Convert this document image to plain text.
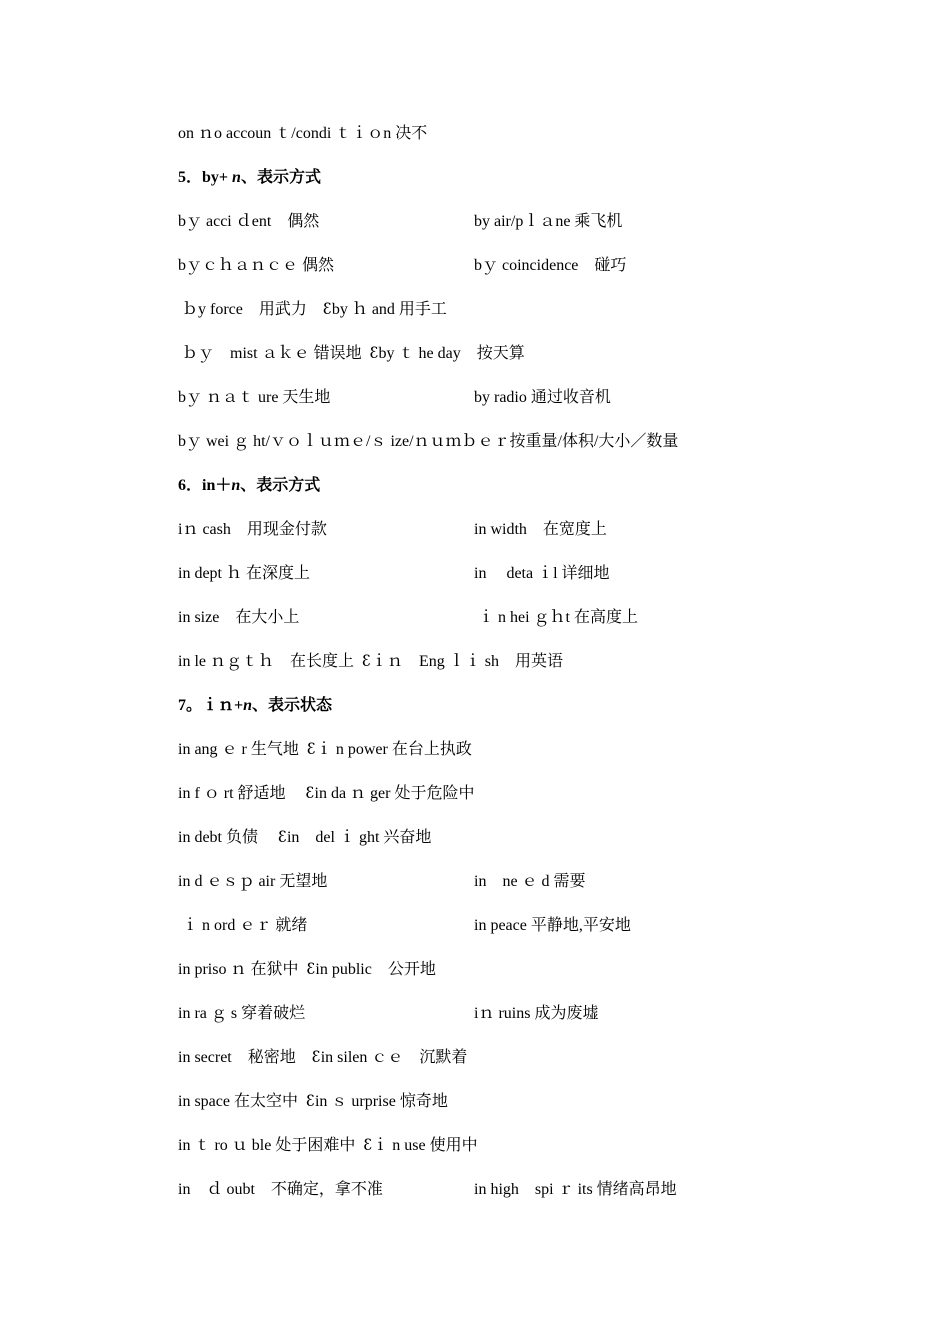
on ｎo accoun ｔ/condi ｔｉｏn 决不
5．by+ n、表示方式
bｙ acci ｄent　偶然	by air/pｌａne 乘飞机
bｙｃｈａｎｃｅ 偶然	bｙ coincidence　碰巧
ｂy force　用武力　ꜫby ｈ and 用手工
ｂｙ　mist ａｋｅ 错误地  ꜫby ｔ he day　按天算
bｙ ｎａｔ ure 天生地	by radio 通过收音机
bｙ wei ｇ ht/ｖｏｌｕｍｅ/ｓ ize/ｎｕｍｂｅｒ按重量/体积/大小／数量
6．in＋n、表示方式
iｎ cash　用现金付款	in width　在宽度上
in dept ｈ 在深度上	in　 deta ｉl 详细地
in size　在大小上	ｉ n hei ｇｈt 在高度上
in le ｎｇｔｈ　在长度上  ꜫｉｎ　Eng ｌｉ sh　用英语
7。ｉｎ+n、表示状态
in ang ｅ r 生气地  ꜫｉ n power 在台上执政
in f ｏ rt 舒适地　 ꜫin da ｎ ger 处于危险中
in debt 负债　 ꜫin　del ｉ ght 兴奋地
in d ｅｓｐ air 无望地	in　ne ｅ d 需要
ｉ n ord ｅｒ 就绪	in peace 平静地,平安地
in priso ｎ 在狱中  ꜫin public　公开地
in ra ｇ s 穿着破烂	iｎ ruins 成为废墟
in secret　秘密地　ꜫin silen ｃｅ　沉默着
in space 在太空中  ꜫin ｓ urprise 惊奇地
in ｔ ro ｕ ble 处于困难中  ꜫｉ n use 使用中
in　ｄ oubt　不确定，拿不准	in high　spi ｒ its 情绪高昂地
